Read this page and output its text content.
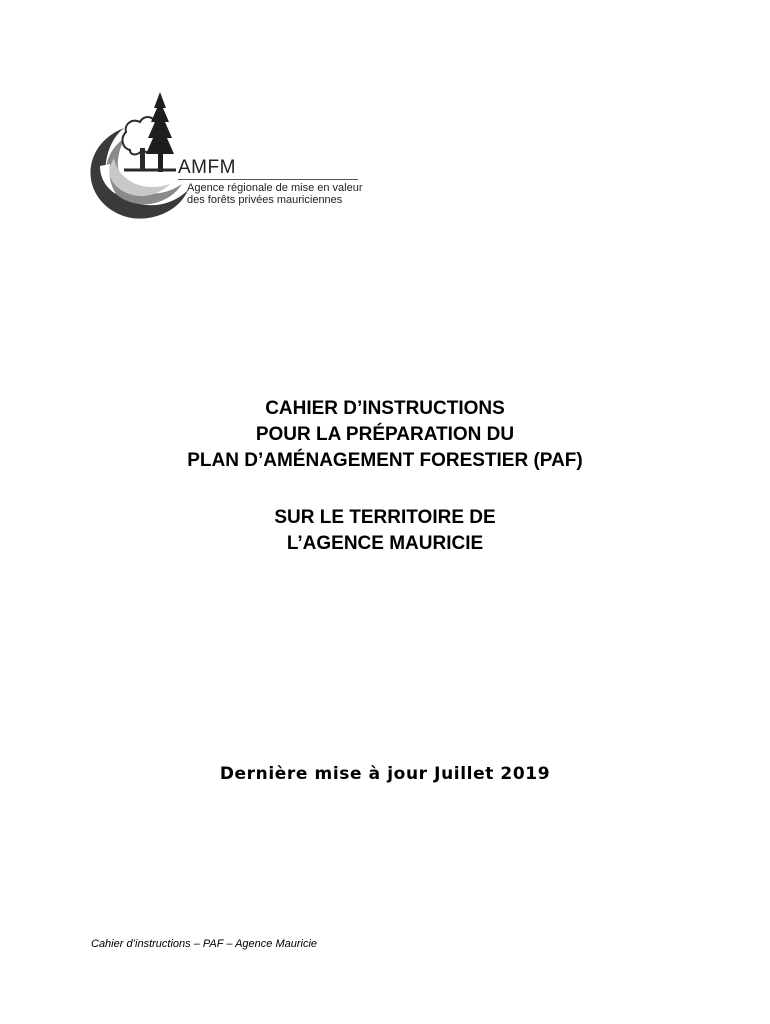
AMFM
Agence régionale de mise en valeur
des forêts privées mauriciennes
CAHIER D’INSTRUCTIONS
POUR LA PRÉPARATION DU
PLAN D’AMÉNAGEMENT FORESTIER (PAF)
SUR LE TERRITOIRE DE
L’AGENCE MAURICIE
Dernière mise à jour Juillet 2019
Cahier d’instructions – PAF – Agence Mauricie
